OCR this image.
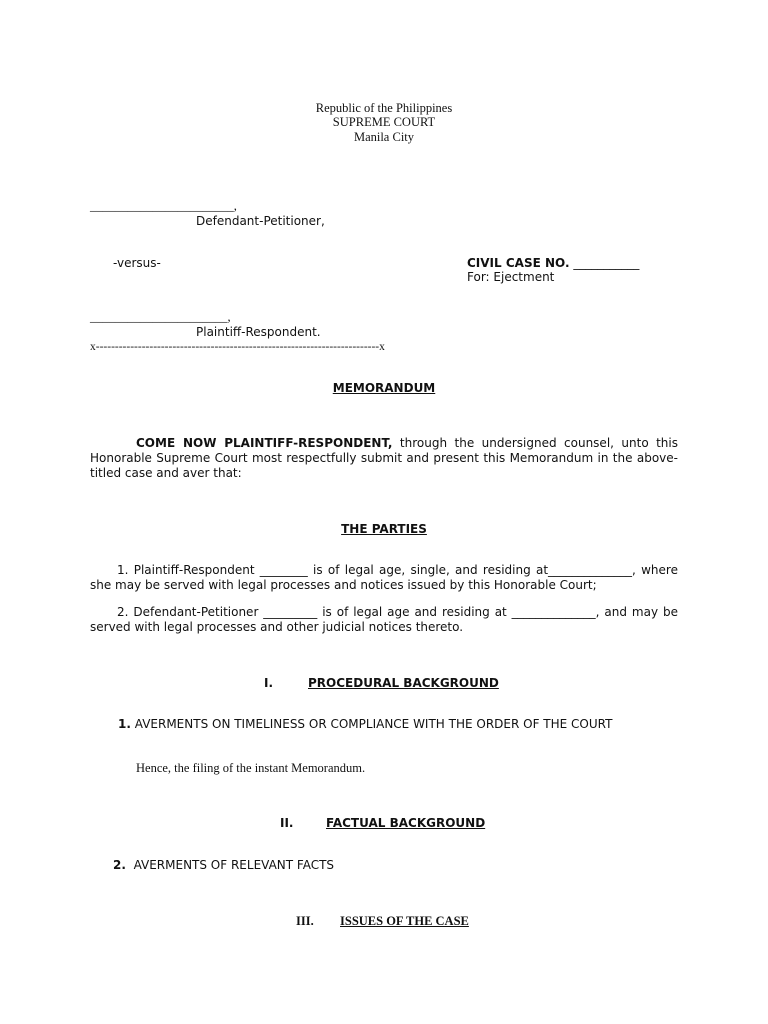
Republic of the Philippines
SUPREME COURT
Manila City
_______________________,
Defendant-Petitioner,
-versus-	CIVIL CASE NO. ___________
For: Ejectment
______________________,
Plaintiff-Respondent.
x--------------------------------------------------------------------------x
MEMORANDUM
COME NOW PLAINTIFF-RESPONDENT, through the undersigned counsel, unto this Honorable Supreme Court most respectfully submit and present this Memorandum in the above-titled case and aver that:
THE PARTIES
1. Plaintiff-Respondent ________ is of legal age, single, and residing at______________, where she may be served with legal processes and notices issued by this Honorable Court;
2. Defendant-Petitioner _________ is of legal age and residing at ______________, and may be served with legal processes and other judicial notices thereto.
I.	PROCEDURAL BACKGROUND
1. AVERMENTS ON TIMELINESS OR COMPLIANCE WITH THE ORDER OF THE COURT
Hence, the filing of the instant Memorandum.
II.	FACTUAL BACKGROUND
2. AVERMENTS OF RELEVANT FACTS
III. ISSUES OF THE CASE
